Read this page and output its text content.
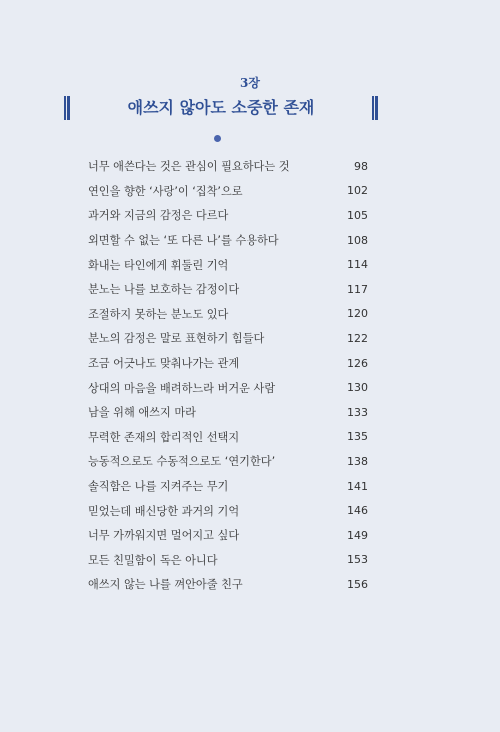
3장
애쓰지 않아도 소중한 존재
너무 애쓴다는 것은 관심이 필요하다는 것	98
연인을 향한 ‘사랑’이 ‘집착’으로	102
과거와 지금의 감정은 다르다	105
외면할 수 없는 ‘또 다른 나’를 수용하다	108
화내는 타인에게 휘둘린 기억	114
분노는 나를 보호하는 감정이다	117
조절하지 못하는 분노도 있다	120
분노의 감정은 말로 표현하기 힘들다	122
조금 어긋나도 맞춰나가는 관계	126
상대의 마음을 배려하느라 버거운 사람	130
남을 위해 애쓰지 마라	133
무력한 존재의 합리적인 선택지	135
능동적으로도 수동적으로도 ‘연기한다’	138
솔직함은 나를 지켜주는 무기	141
믿었는데 배신당한 과거의 기억	146
너무 가까워지면 멀어지고 싶다	149
모든 친밀함이 독은 아니다	153
애쓰지 않는 나를 껴안아줄 친구	156
